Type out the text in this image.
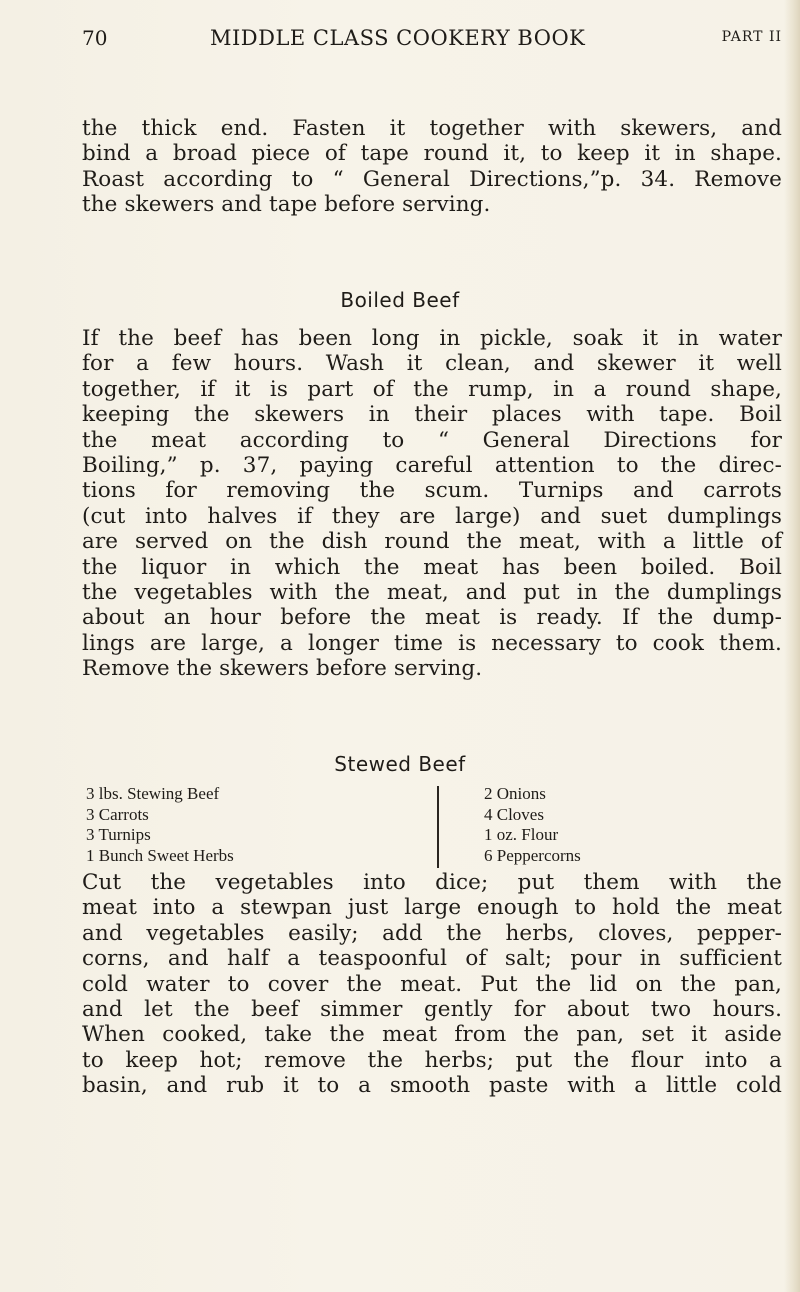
70	MIDDLE CLASS COOKERY BOOK	PART II
the thick end. Fasten it together with skewers, and
bind a broad piece of tape round it, to keep it in shape.
Roast according to “ General Directions,”p. 34. Remove
the skewers and tape before serving.
Boiled Beef
If the beef has been long in pickle, soak it in water
for a few hours. Wash it clean, and skewer it well
together, if it is part of the rump, in a round shape,
keeping the skewers in their places with tape. Boil
the meat according to “ General Directions for
Boiling,” p. 37, paying careful attention to the direc-
tions for removing the scum. Turnips and carrots
(cut into halves if they are large) and suet dumplings
are served on the dish round the meat, with a little of
the liquor in which the meat has been boiled. Boil
the vegetables with the meat, and put in the dumplings
about an hour before the meat is ready. If the dump-
lings are large, a longer time is necessary to cook them.
Remove the skewers before serving.
Stewed Beef
3 lbs. Stewing Beef
3 Carrots
3 Turnips
1 Bunch Sweet Herbs
2 Onions
4 Cloves
1 oz. Flour
6 Peppercorns
Cut the vegetables into dice; put them with the
meat into a stewpan just large enough to hold the meat
and vegetables easily; add the herbs, cloves, pepper-
corns, and half a teaspoonful of salt; pour in sufficient
cold water to cover the meat. Put the lid on the pan,
and let the beef simmer gently for about two hours.
When cooked, take the meat from the pan, set it aside
to keep hot; remove the herbs; put the flour into a
basin, and rub it to a smooth paste with a little cold
